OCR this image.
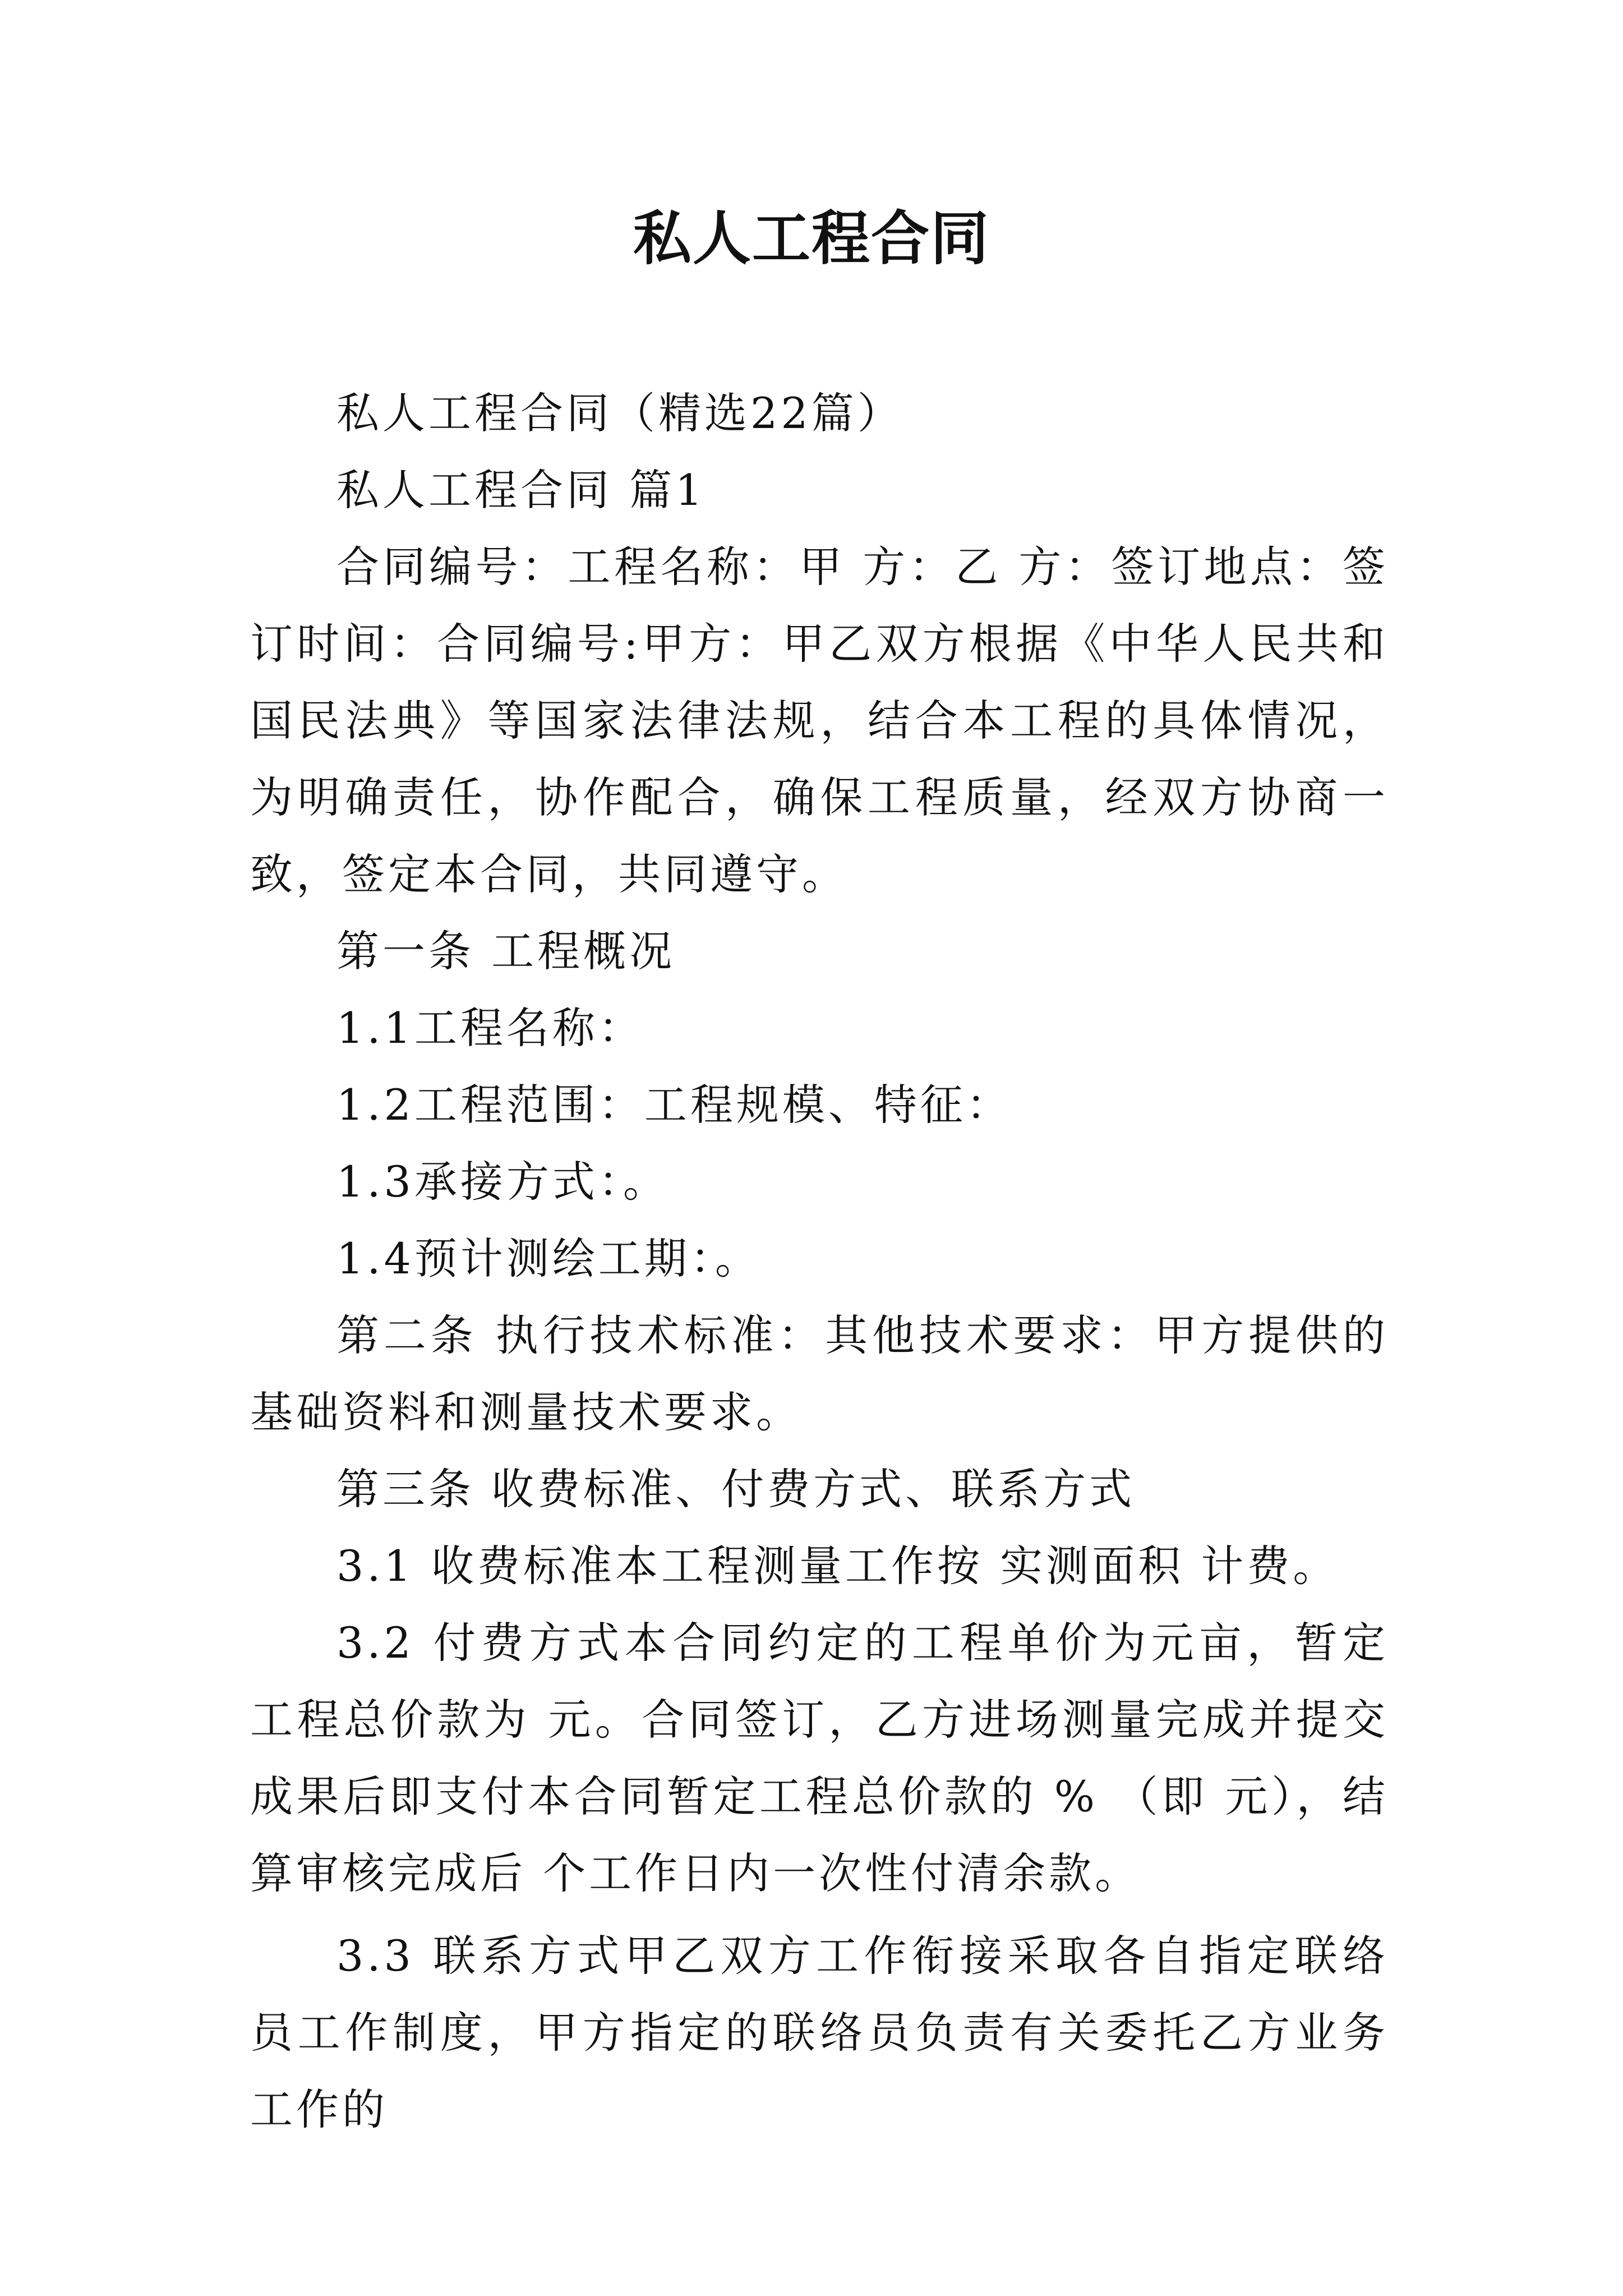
私人工程合同

私人工程合同（精选22篇）

私人工程合同 篇1

合同编号：工程名称：甲 方：乙 方：签订地点：签订时间：合同编号:甲方：甲乙双方根据《中华人民共和国民法典》等国家法律法规，结合本工程的具体情况，为明确责任，协作配合，确保工程质量，经双方协商一致，签定本合同，共同遵守。

第一条 工程概况

1.1工程名称：

1.2工程范围：工程规模、特征：

1.3承接方式：。

1.4预计测绘工期：。

第二条 执行技术标准：其他技术要求：甲方提供的基础资料和测量技术要求。

第三条 收费标准、付费方式、联系方式

3.1 收费标准本工程测量工作按 实测面积 计费。

3.2 付费方式本合同约定的工程单价为元亩，暂定工程总价款为 元。合同签订，乙方进场测量完成并提交成果后即支付本合同暂定工程总价款的 % （即 元），结算审核完成后 个工作日内一次性付清余款。

3.3 联系方式甲乙双方工作衔接采取各自指定联络员工作制度，甲方指定的联络员负责有关委托乙方业务工作的
